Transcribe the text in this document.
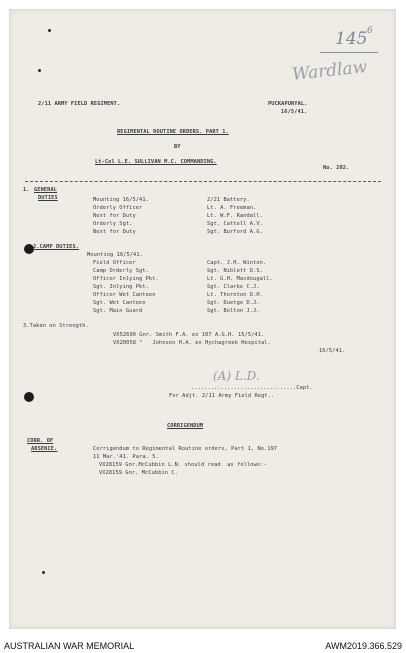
145 6
Wardlaw
2/11 ARMY FIELD REGIMENT.	PUCKAPUNYAL.
16/5/41.
REGIMENTAL ROUTINE ORDERS. PART 1.
BY
Lt-Col L.E. SULLIVAN M.C. COMMANDING.
No. 202.
1. GENERAL
DUTIES	Mounting 16/5/41.	2/21 Battery.
Orderly Officer	Lt. A. Freeman.
Next for Duty	Lt. W.F. Randall.
Orderly Sgt.	Sgt. Cattell A.V.
Next for Duty	Sgt. Burford A.G.
2.CAMP DUTIES.
Mounting 16/5/41.
Field Officer	Capt. J.H. Winton.
Camp Orderly Sgt.	Sgt. Niblett D.S.
Officer Inlying Pkt.	Lt. G.H. Macdougall.
Sgt. Inlying Pkt.	Sgt. Clarke C.J.
Officer Wet Canteen	Lt. Thornton D.H.
Sgt. Wet Canteen	Sgt. Duetgo D.J.
Sgt. Main Guard	Sgt. Bolton J.J.
3.Taken on Strength.
VX52690 Gnr. Smith F.A. ex 107 A.G.H. 15/5/41.
VX20058 "   Johnson H.A. ex Hychagreek Hospital.
16/5/41.
(A) L.D.
................................Capt.
For Adjt. 2/11 Army Field Regt..
CORRIGENDUM
CORR. OF
ABSENCE.	Corrigendum to Regimental Routine orders, Part 1, No.197
11 Mar.'41. Para. 5.
VX28159 Gnr.McCubbin L.N. should read  as follows:-
VX28159 Gnr. McCubbin C.
AUSTRALIAN WAR MEMORIAL	AWM2019.366.529
